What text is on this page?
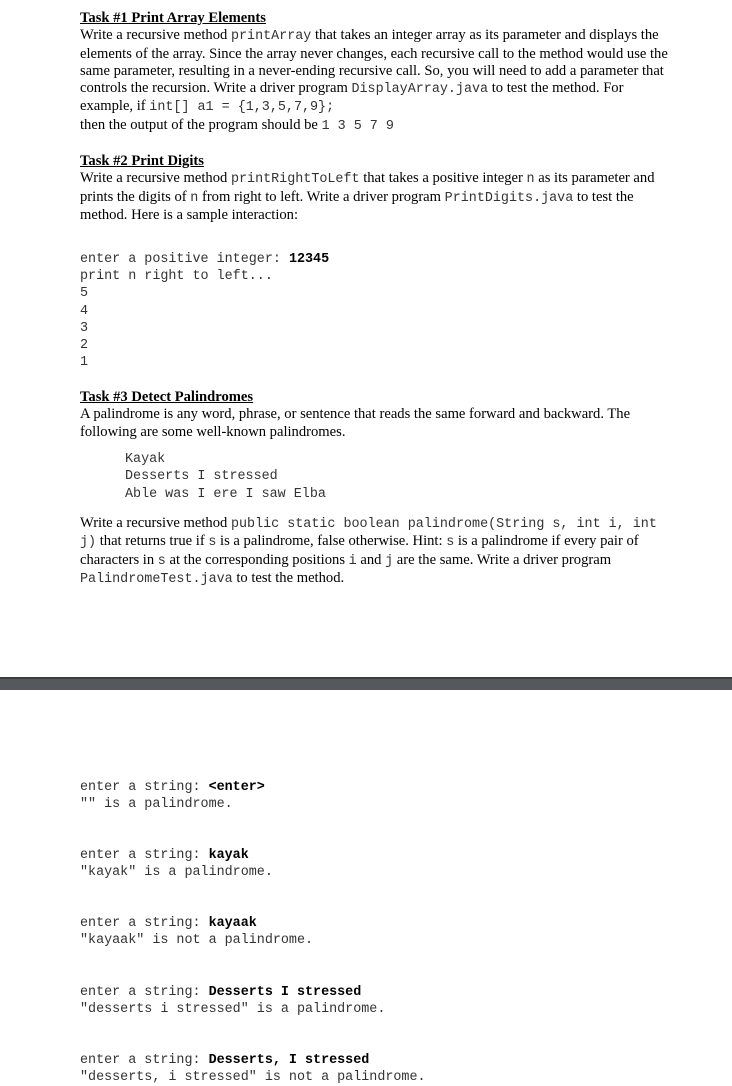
Task #1 Print Array Elements

Write a recursive method printArray that takes an integer array as its parameter and displays the elements of the array. Since the array never changes, each recursive call to the method would use the same parameter, resulting in a never-ending recursive call. So, you will need to add a parameter that controls the recursion. Write a driver program DisplayArray.java to test the method. For example, if int[] a1 = {1,3,5,7,9};

then the output of the program should be 1 3 5 7 9

Task #2 Print Digits

Write a recursive method printRightToLeft that takes a positive integer n as its parameter and prints the digits of n from right to left. Write a driver program PrintDigits.java to test the method. Here is a sample interaction:

enter a positive integer: 12345
print n right to left...
5
4
3
2
1
Task #3 Detect Palindromes

A palindrome is any word, phrase, or sentence that reads the same forward and backward. The following are some well-known palindromes.

Kayak
Desserts I stressed
Able was I ere I saw Elba

Write a recursive method public static boolean palindrome(String s, int i, int j) that returns true if s is a palindrome, false otherwise. Hint: s is a palindrome if every pair of characters in s at the corresponding positions i and j are the same. Write a driver program PalindromeTest.java to test the method.

enter a string: <enter>
"" is a palindrome.
enter a string: kayak
"kayak" is a palindrome.
enter a string: kayaak
"kayaak" is not a palindrome.
enter a string: Desserts I stressed
"desserts i stressed" is a palindrome.
enter a string: Desserts, I stressed
"desserts, i stressed" is not a palindrome.
